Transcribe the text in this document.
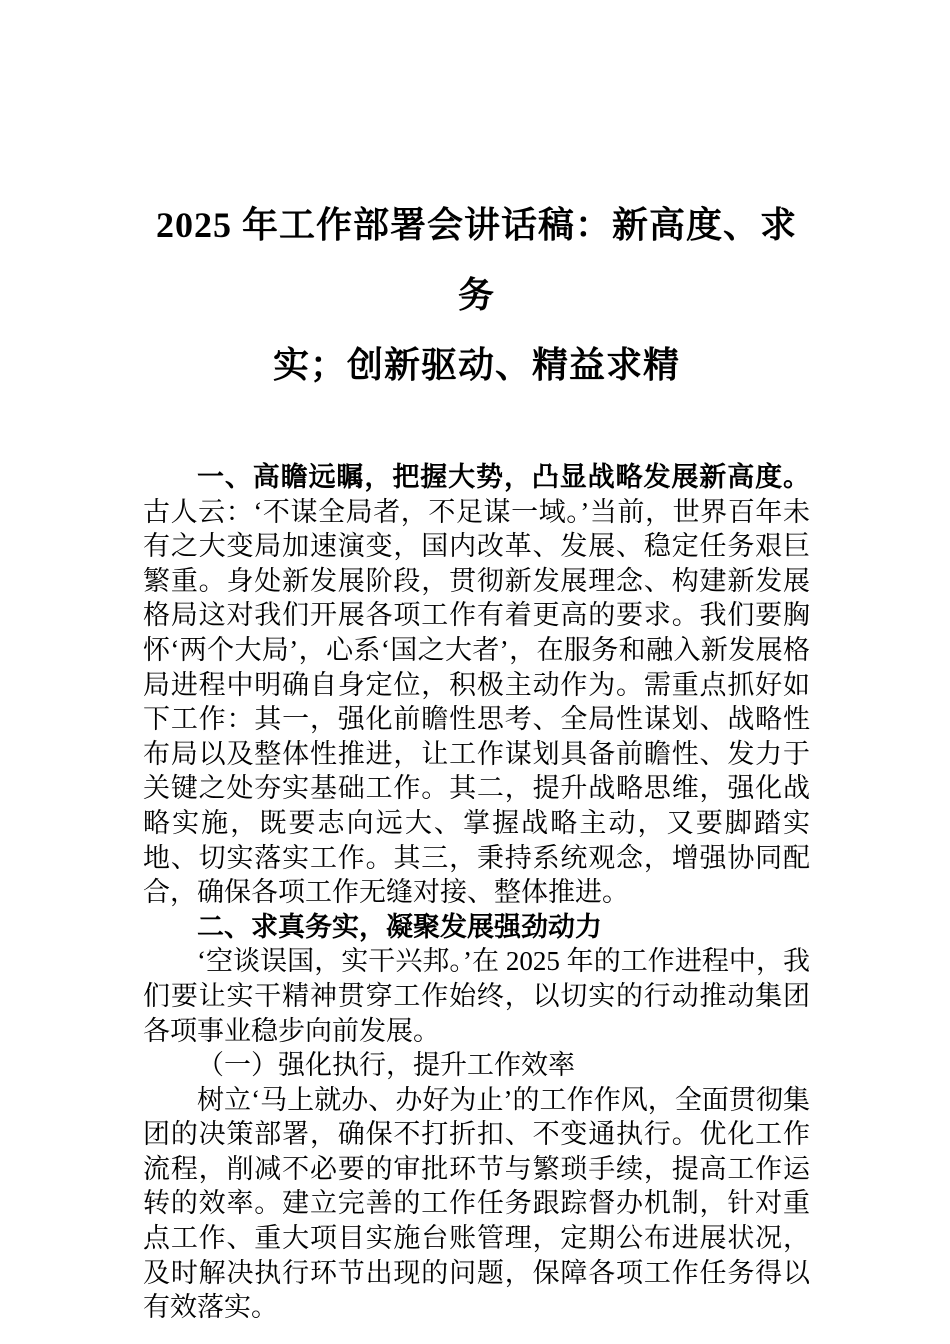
2025 年工作部署会讲话稿：新高度、求务
实；创新驱动、精益求精

一、高瞻远瞩，把握大势，凸显战略发展新高度。古人云：‘不谋全局者，不足谋一域。’当前，世界百年未有之大变局加速演变，国内改革、发展、稳定任务艰巨繁重。身处新发展阶段，贯彻新发展理念、构建新发展格局这对我们开展各项工作有着更高的要求。我们要胸怀‘两个大局’，心系‘国之大者’，在服务和融入新发展格局进程中明确自身定位，积极主动作为。需重点抓好如下工作：其一，强化前瞻性思考、全局性谋划、战略性布局以及整体性推进，让工作谋划具备前瞻性、发力于关键之处夯实基础工作。其二，提升战略思维，强化战略实施，既要志向远大、掌握战略主动，又要脚踏实地、切实落实工作。其三，秉持系统观念，增强协同配合，确保各项工作无缝对接、整体推进。

二、求真务实，凝聚发展强劲动力

‘空谈误国，实干兴邦。’在 2025 年的工作进程中，我们要让实干精神贯穿工作始终，以切实的行动推动集团各项事业稳步向前发展。

（一）强化执行，提升工作效率

树立‘马上就办、办好为止’的工作作风，全面贯彻集团的决策部署，确保不打折扣、不变通执行。优化工作流程，削减不必要的审批环节与繁琐手续，提高工作运转的效率。建立完善的工作任务跟踪督办机制，针对重点工作、重大项目实施台账管理，定期公布进展状况，及时解决执行环节出现的问题，保障各项工作任务得以有效落实。
